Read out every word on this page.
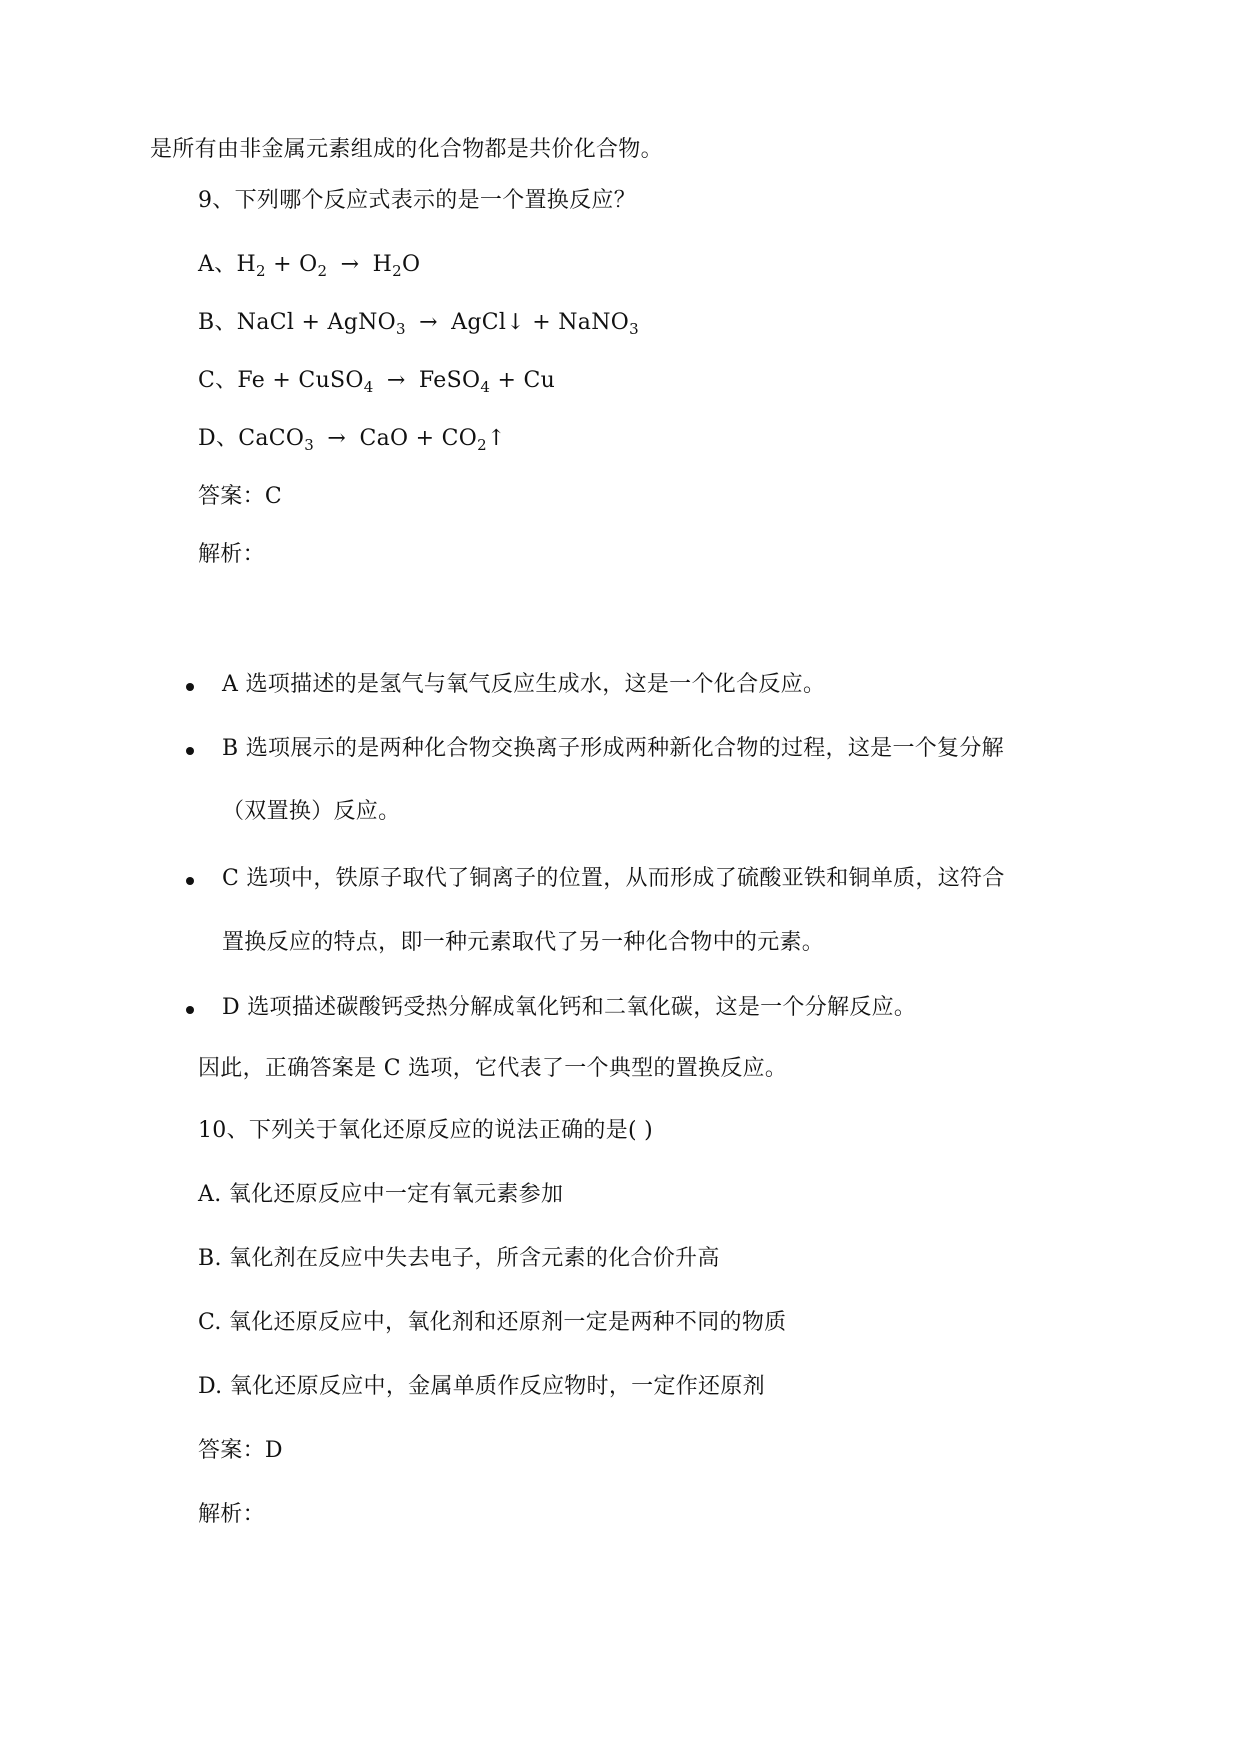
是所有由非金属元素组成的化合物都是共价化合物。
9、下列哪个反应式表示的是一个置换反应？
A、$H_2 + O_2 \to H_2O$
B、NaCl + AgNO$_3$ → AgCl↓ + NaNO$_3$
C、Fe + CuSO$_4$ → FeSO$_4$ + Cu
D、CaCO$_3$ → CaO + $CO_2↑$
答案：C
解析：
A 选项描述的是氢气与氧气反应生成水，这是一个化合反应。
B 选项展示的是两种化合物交换离子形成两种新化合物的过程，这是一个复分解
（双置换）反应。
C 选项中，铁原子取代了铜离子的位置，从而形成了硫酸亚铁和铜单质，这符合
置换反应的特点，即一种元素取代了另一种化合物中的元素。
D 选项描述碳酸钙受热分解成氧化钙和二氧化碳，这是一个分解反应。
因此，正确答案是 C 选项，它代表了一个典型的置换反应。
10、下列关于氧化还原反应的说法正确的是( )
A. 氧化还原反应中一定有氧元素参加
B. 氧化剂在反应中失去电子，所含元素的化合价升高
C. 氧化还原反应中，氧化剂和还原剂一定是两种不同的物质
D. 氧化还原反应中，金属单质作反应物时，一定作还原剂
答案：D
解析：
